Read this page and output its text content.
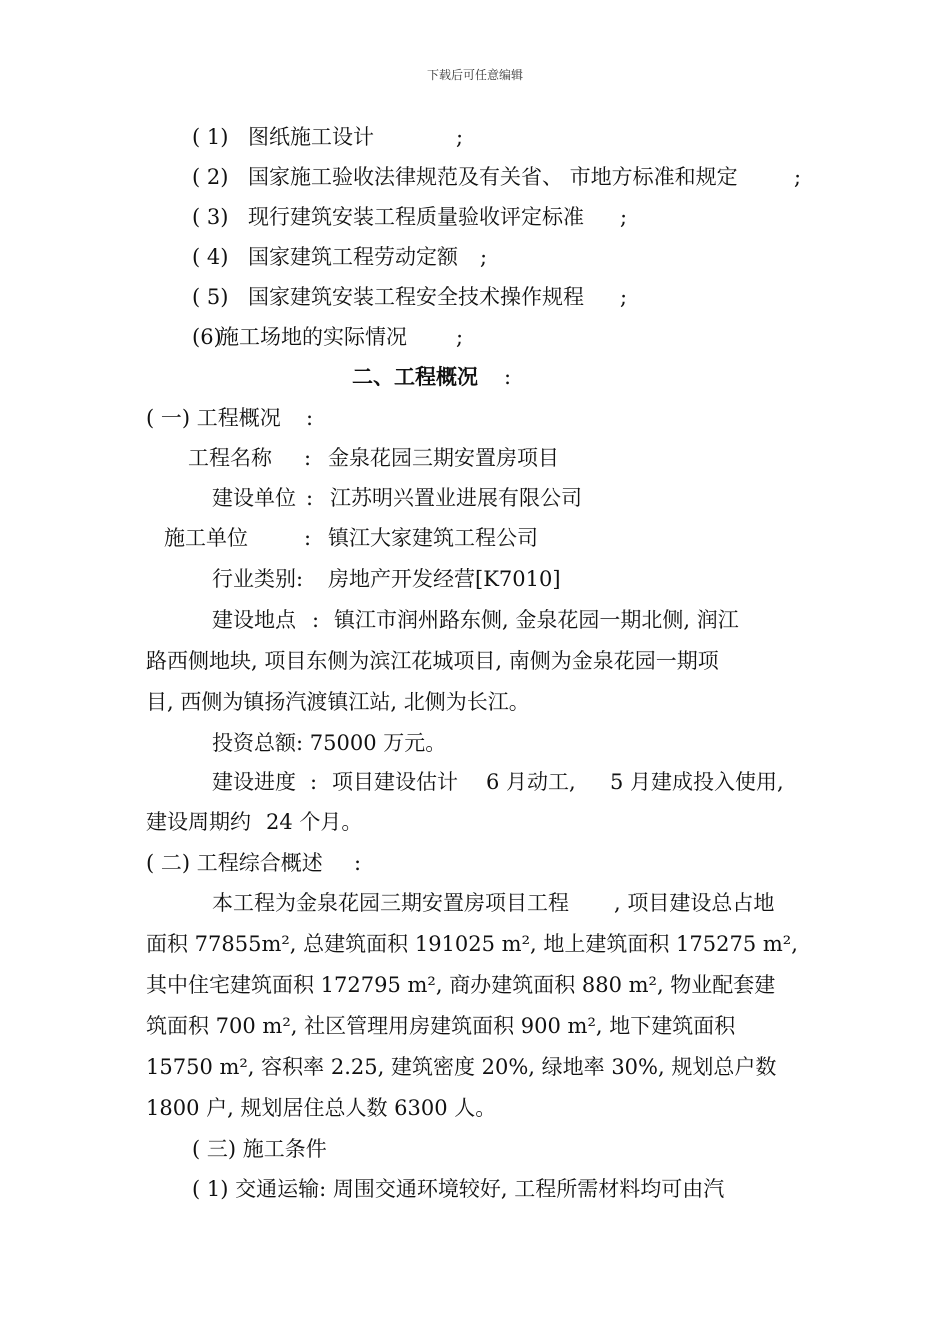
下载后可任意编辑
( 1) 图纸施工设计	;
( 2) 国家施工验收法律规范及有关省、 市地方标准和规定	;
( 3) 现行建筑安装工程质量验收评定标准 ;
( 4) 国家建筑工程劳动定额 ;
( 5) 国家建筑安装工程安全技术操作规程 ;
(6)
施工场地的实际情况 ;
二、工程概况 :
( 一) 工程概况 :
工程名称 : 金泉花园三期安置房项目
建设单位 : 江苏明兴置业进展有限公司
施工单位	: 镇江大家建筑工程公司
行业类别: 房地产开发经营[K7010]
建设地点 : 镇江市润州路东侧, 金泉花园一期北侧, 润江
路西侧地块, 项目东侧为滨江花城项目, 南侧为金泉花园一期项
目, 西侧为镇扬汽渡镇江站, 北侧为长江。
投资总额: 75000 万元。
建设进度 : 项目建设估计 6 月动工, 5 月建成投入使用,
建设周期约 24 个月。
( 二) 工程综合概述 :
本工程为金泉花园三期安置房项目工程 , 项目建设总占地
面积 77855m², 总建筑面积 191025 m², 地上建筑面积 175275 m²,
其中住宅建筑面积 172795 m², 商办建筑面积 880 m², 物业配套建
筑面积 700 m², 社区管理用房建筑面积 900 m², 地下建筑面积
15750 m², 容积率 2.25, 建筑密度 20%, 绿地率 30%, 规划总户数
1800 户, 规划居住总人数 6300 人。
( 三) 施工条件
( 1) 交通运输: 周围交通环境较好, 工程所需材料均可由汽
